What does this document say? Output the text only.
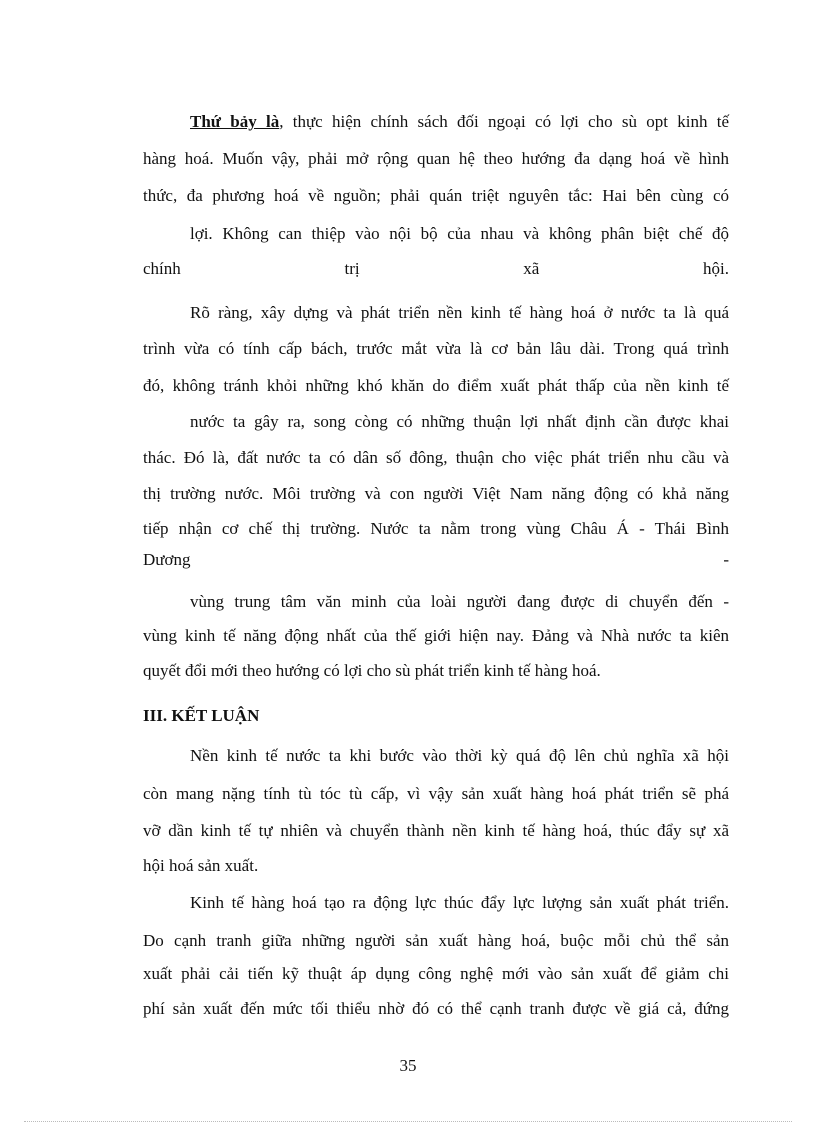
Thứ bảy là, thực hiện chính sách đối ngoại có lợi cho sù opt kinh tế
hàng hoá. Muốn vậy, phải mở rộng quan hệ theo hướng đa dạng hoá về hình
thức, đa phương hoá về nguồn; phải quán triệt nguyên tắc: Hai bên cùng có
lợi. Không can thiệp vào nội bộ của nhau và không phân biệt chế độ
chính	trị	xã	hội.
Rõ ràng, xây dựng và phát triển nền kinh tế hàng hoá ở nước ta là quá
trình vừa có tính cấp bách, trước mắt vừa là cơ bản lâu dài. Trong quá trình
đó, không tránh khỏi những khó khăn do điểm xuất phát thấp của nền kinh tế
nước ta gây ra, song còng có những thuận lợi nhất định cần được khai
thác. Đó là, đất nước ta có dân số đông, thuận cho việc phát triển nhu cầu và
thị trường nước. Môi trường và con người Việt Nam năng động có khả năng
tiếp nhận cơ chế thị trường. Nước ta nằm trong vùng Châu Á - Thái Bình
Dương	-
vùng trung tâm văn minh của loài người đang được di chuyển đến -
vùng kinh tế năng động nhất của thế giới hiện nay. Đảng và Nhà nước ta kiên
quyết đổi mới theo hướng có lợi cho sù phát triển kinh tế hàng hoá.
III. KẾT LUẬN
Nền kinh tế nước ta khi bước vào thời kỳ quá độ lên chủ nghĩa xã hội
còn mang nặng tính tù tóc tù cấp, vì vậy sản xuất hàng hoá phát triển sẽ phá
vỡ dần kinh tế tự nhiên và chuyển thành nền kinh tế hàng hoá, thúc đẩy sự xã
hội hoá sản xuất.
Kinh tế hàng hoá tạo ra động lực thúc đẩy lực lượng sản xuất phát triển.
Do cạnh tranh giữa những người sản xuất hàng hoá, buộc mỗi chủ thể sản
xuất phải cải tiến kỹ thuật áp dụng công nghệ mới vào sản xuất để giảm chi
phí sản xuất đến mức tối thiểu nhờ đó có thể cạnh tranh được về giá cả, đứng
35
